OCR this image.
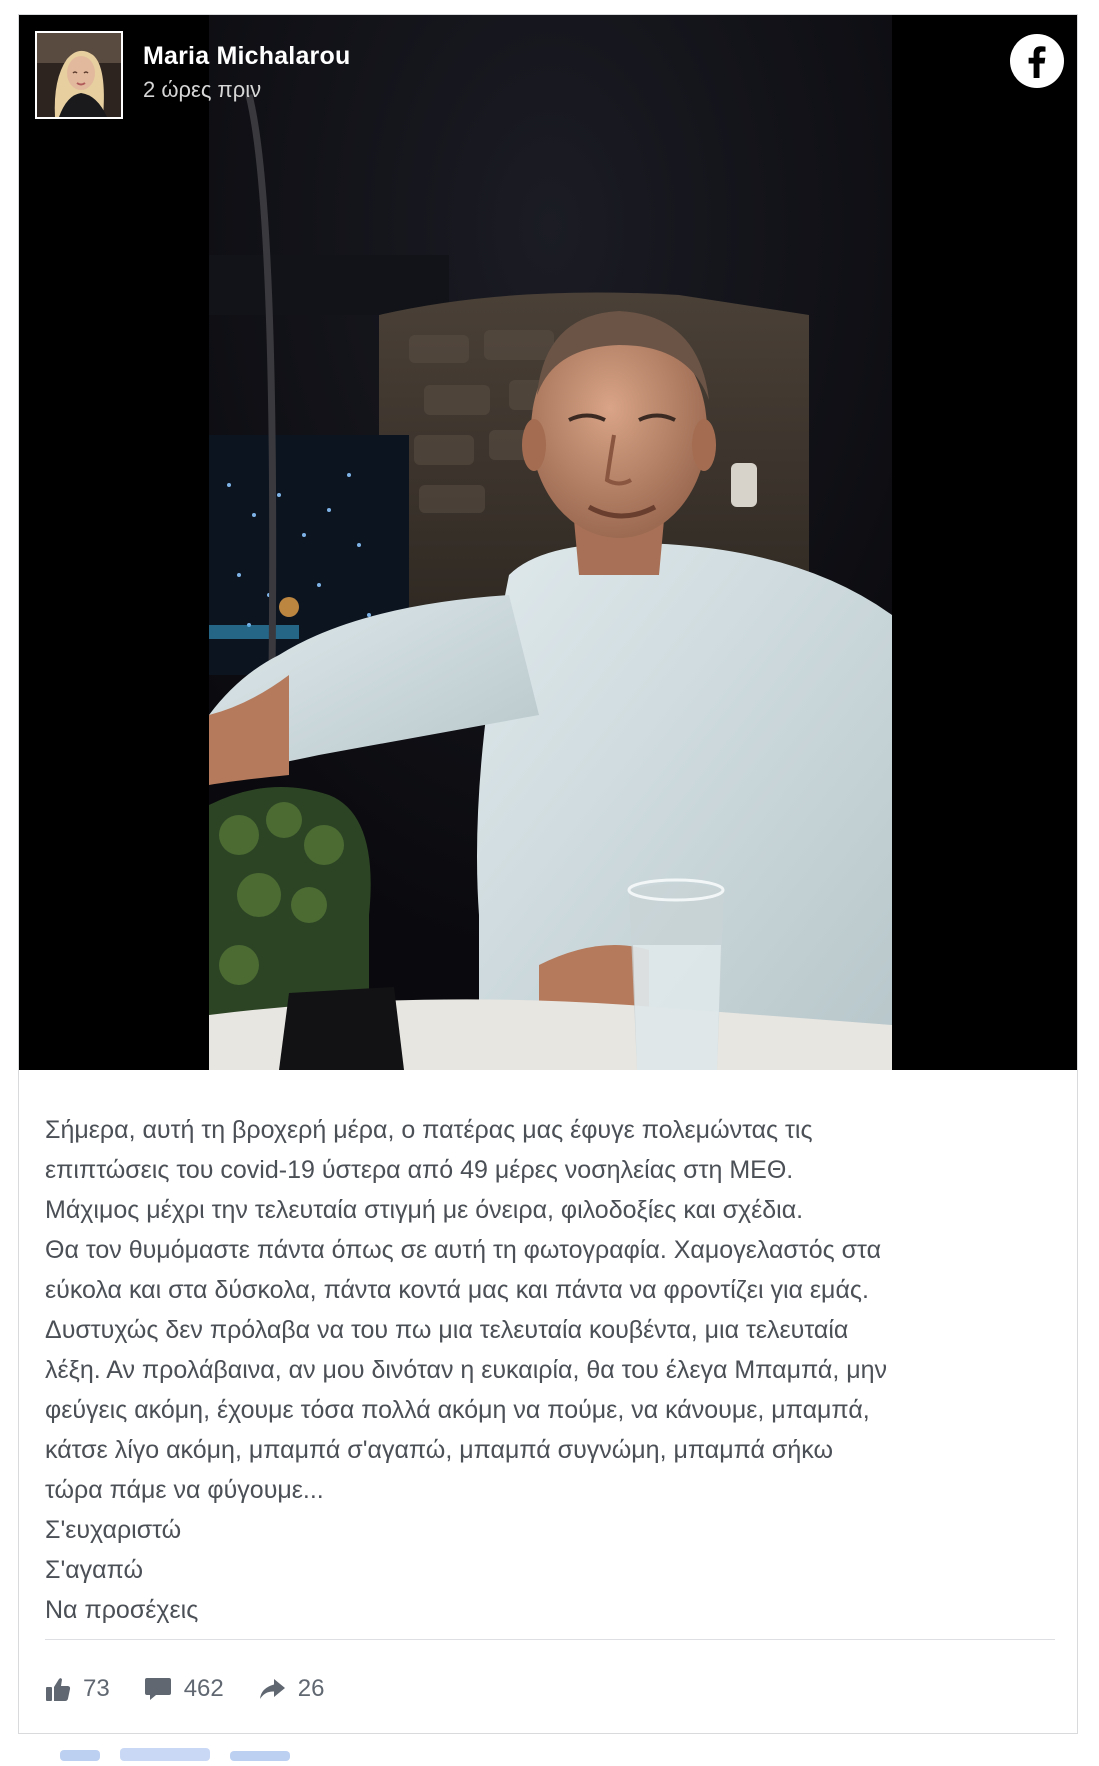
Maria Michalarou
2 ώρες πριν
Σήμερα, αυτή τη βροχερή μέρα, ο πατέρας μας έφυγε πολεμώντας τις
επιπτώσεις του covid-19 ύστερα από 49 μέρες νοσηλείας στη ΜΕΘ.
Μάχιμος μέχρι την τελευταία στιγμή με όνειρα, φιλοδοξίες και σχέδια.
Θα τον θυμόμαστε πάντα όπως σε αυτή τη φωτογραφία. Χαμογελαστός στα
εύκολα και στα δύσκολα, πάντα κοντά μας και πάντα να φροντίζει για εμάς.
Δυστυχώς δεν πρόλαβα να του πω μια τελευταία κουβέντα, μια τελευταία
λέξη. Αν προλάβαινα, αν μου δινόταν η ευκαιρία, θα του έλεγα Μπαμπά, μην
φεύγεις ακόμη, έχουμε τόσα πολλά ακόμη να πούμε, να κάνουμε, μπαμπά,
κάτσε λίγο ακόμη, μπαμπά σ'αγαπώ, μπαμπά συγνώμη, μπαμπά σήκω
τώρα πάμε να φύγουμε...
Σ'ευχαριστώ
Σ'αγαπώ
Να προσέχεις
73	462	26
